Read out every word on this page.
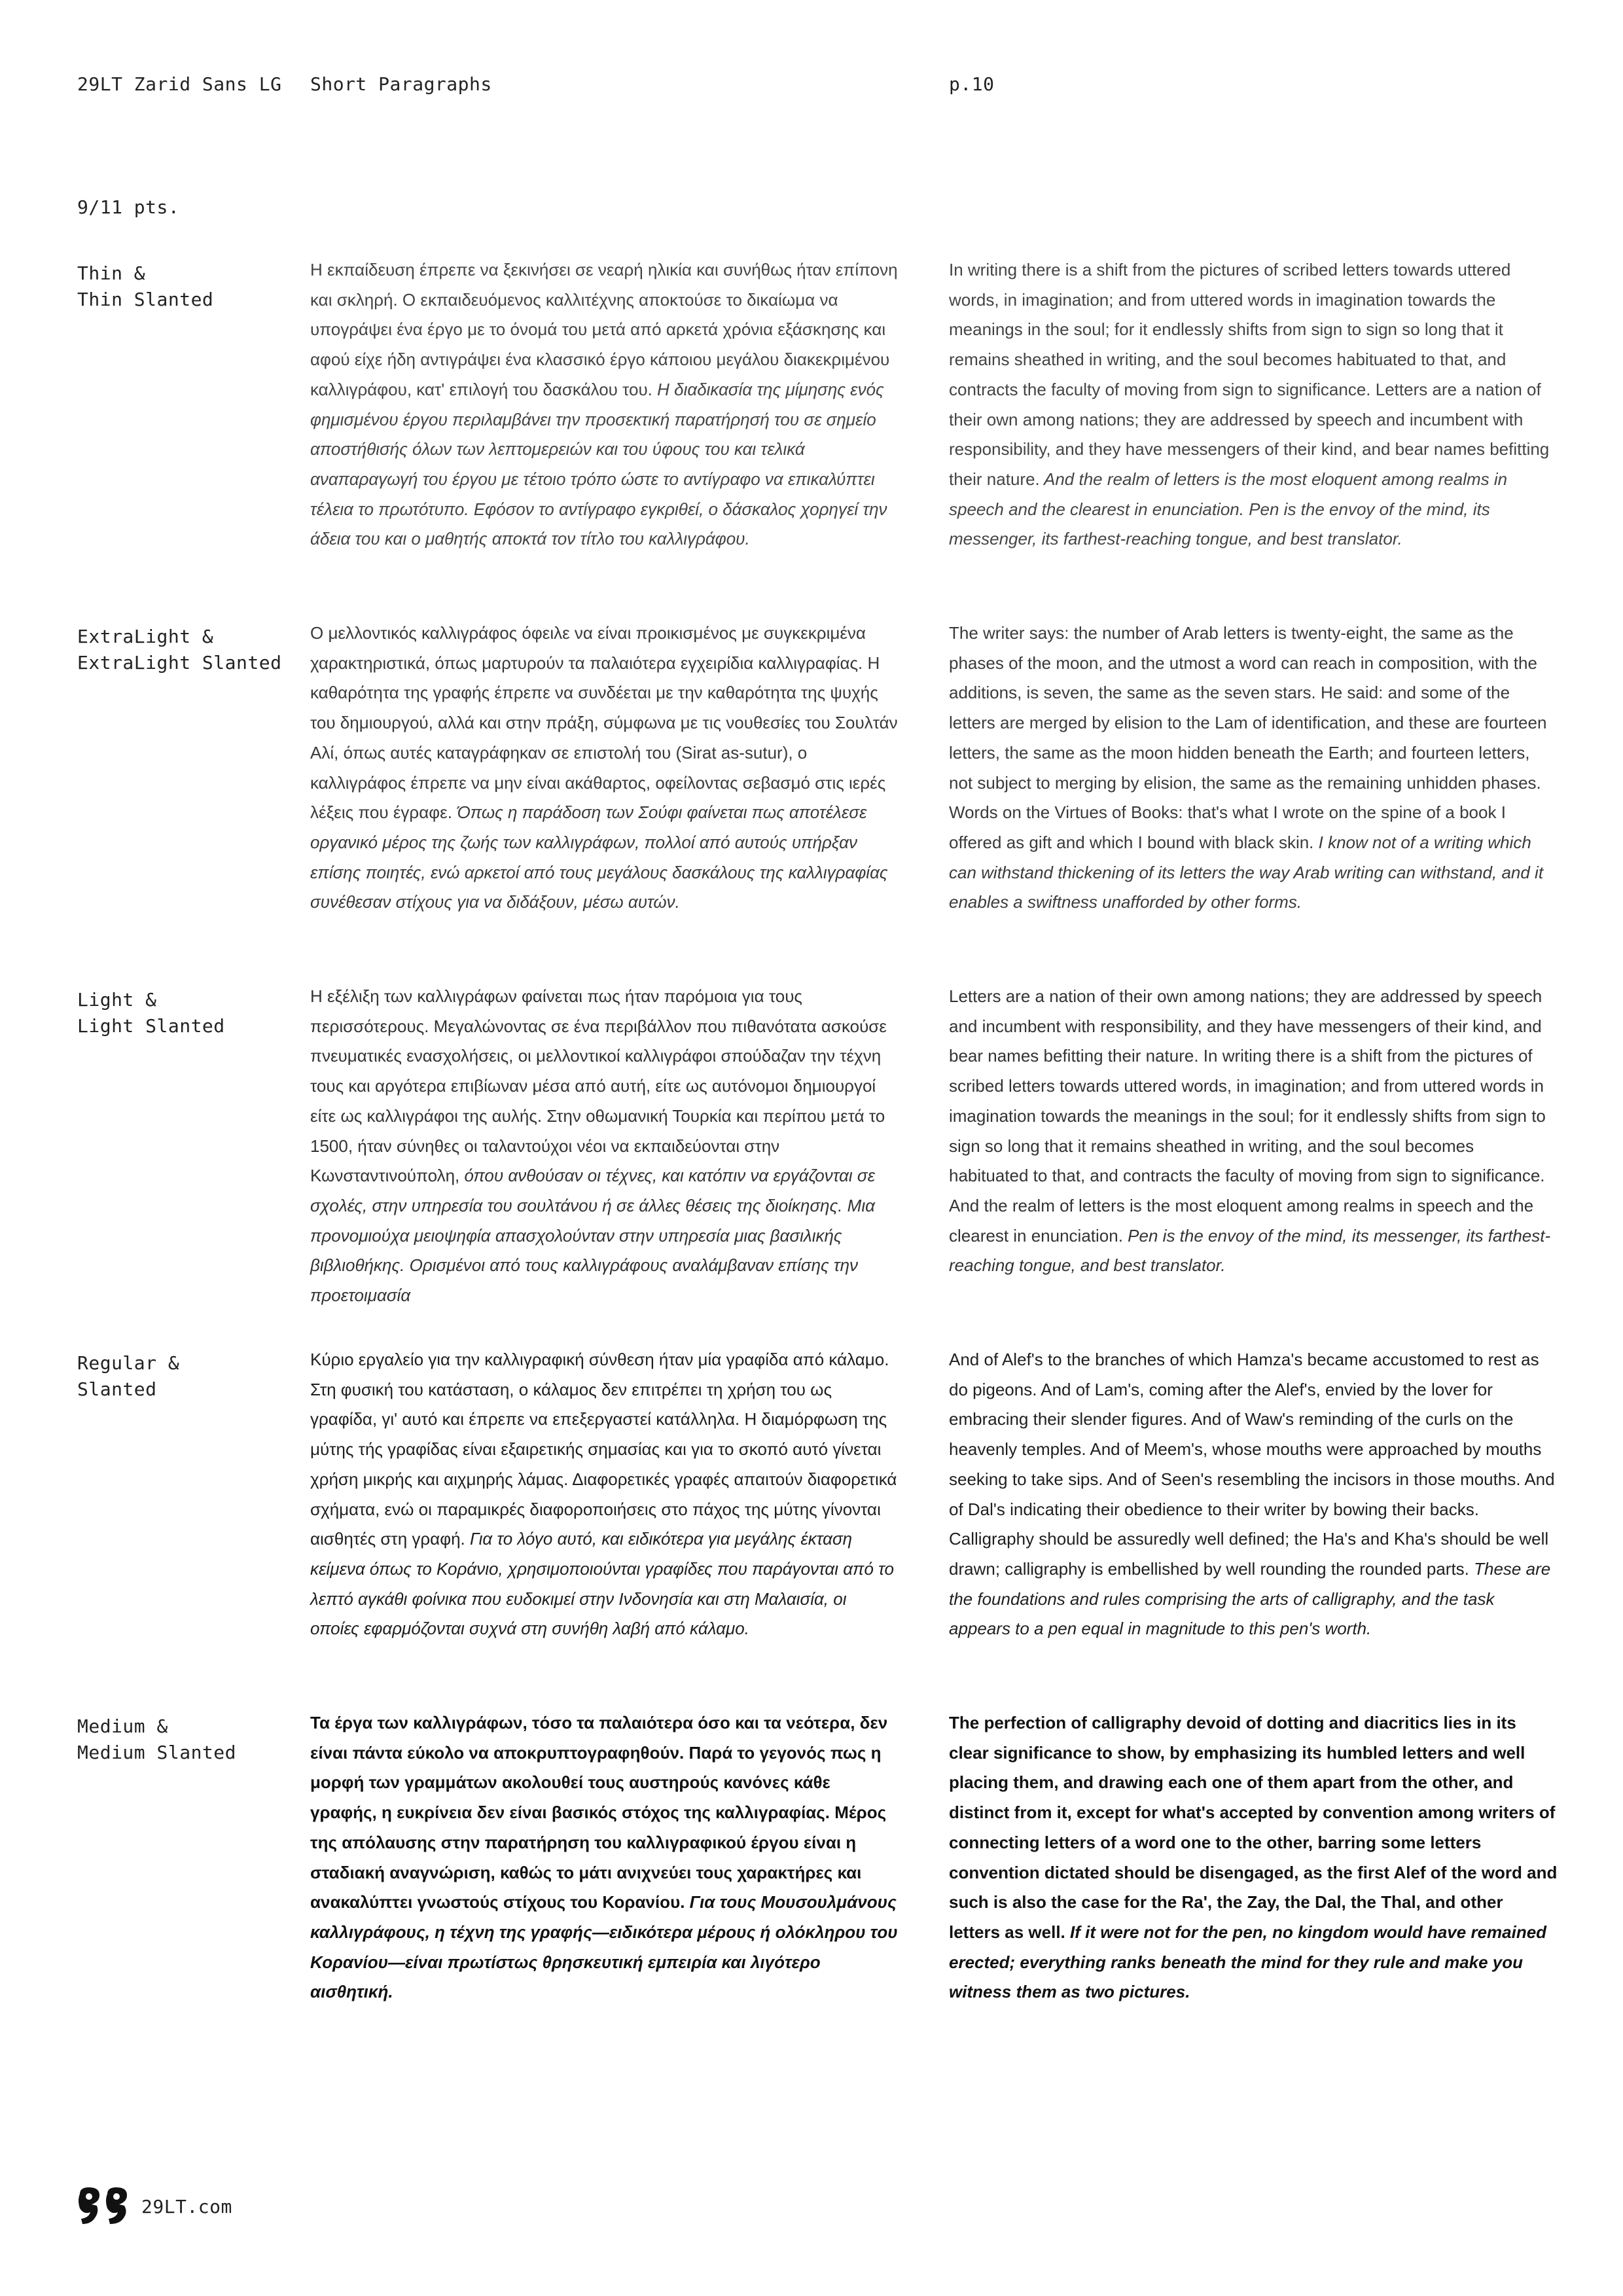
29LT Zarid Sans LG Short Paragraphs	p.10
9/11 pts.
Thin &
Thin Slanted

Η εκπαίδευση έπρεπε να ξεκινήσει σε νεαρή ηλικία και συνήθως ήταν επίπονη και σκληρή. Ο εκπαιδευόμενος καλλιτέχνης αποκτούσε το δικαίωμα να υπογράψει ένα έργο με το όνομά του μετά από αρκετά χρόνια εξάσκησης και αφού είχε ήδη αντιγράψει ένα κλασσικό έργο κάποιου μεγάλου διακεκριμένου καλλιγράφου, κατ' επιλογή του δασκάλου του. Η διαδικασία της μίμησης ενός φημισμένου έργου περιλαμβάνει την προσεκτική παρατήρησή του σε σημείο αποστήθισής όλων των λεπτομερειών και του ύφους του και τελικά αναπαραγωγή του έργου με τέτοιο τρόπο ώστε το αντίγραφο να επικαλύπτει τέλεια το πρωτότυπο. Εφόσον το αντίγραφο εγκριθεί, ο δάσκαλος χορηγεί την άδεια του και ο μαθητής αποκτά τον τίτλο του καλλιγράφου.

In writing there is a shift from the pictures of scribed letters towards uttered words, in imagination; and from uttered words in imagination towards the meanings in the soul; for it endlessly shifts from sign to sign so long that it remains sheathed in writing, and the soul becomes habituated to that, and contracts the faculty of moving from sign to significance. Letters are a nation of their own among nations; they are addressed by speech and incumbent with responsibility, and they have messengers of their kind, and bear names befitting their nature. And the realm of letters is the most eloquent among realms in speech and the clearest in enunciation. Pen is the envoy of the mind, its messenger, its farthest-reaching tongue, and best translator.

ExtraLight &
ExtraLight Slanted

Ο μελλοντικός καλλιγράφος όφειλε να είναι προικισμένος με συγκεκριμένα χαρακτηριστικά, όπως μαρτυρούν τα παλαιότερα εγχειρίδια καλλιγραφίας. Η καθαρότητα της γραφής έπρεπε να συνδέεται με την καθαρότητα της ψυχής του δημιουργού, αλλά και στην πράξη, σύμφωνα με τις νουθεσίες του Σουλτάν Αλί, όπως αυτές καταγράφηκαν σε επιστολή του (Sirat as-sutur), ο καλλιγράφος έπρεπε να μην είναι ακάθαρτος, οφείλοντας σεβασμό στις ιερές λέξεις που έγραφε. Όπως η παράδοση των Σούφι φαίνεται πως αποτέλεσε οργανικό μέρος της ζωής των καλλιγράφων, πολλοί από αυτούς υπήρξαν επίσης ποιητές, ενώ αρκετοί από τους μεγάλους δασκάλους της καλλιγραφίας συνέθεσαν στίχους για να διδάξουν, μέσω αυτών.

The writer says: the number of Arab letters is twenty-eight, the same as the phases of the moon, and the utmost a word can reach in composition, with the additions, is seven, the same as the seven stars. He said: and some of the letters are merged by elision to the Lam of identification, and these are fourteen letters, the same as the moon hidden beneath the Earth; and fourteen letters, not subject to merging by elision, the same as the remaining unhidden phases. Words on the Virtues of Books: that's what I wrote on the spine of a book I offered as gift and which I bound with black skin. I know not of a writing which can withstand thickening of its letters the way Arab writing can withstand, and it enables a swiftness unafforded by other forms.

Light &
Light Slanted

Η εξέλιξη των καλλιγράφων φαίνεται πως ήταν παρόμοια για τους περισσότερους. Μεγαλώνοντας σε ένα περιβάλλον που πιθανότατα ασκούσε πνευματικές ενασχολήσεις, οι μελλοντικοί καλλιγράφοι σπούδαζαν την τέχνη τους και αργότερα επιβίωναν μέσα από αυτή, είτε ως αυτόνομοι δημιουργοί είτε ως καλλιγράφοι της αυλής. Στην οθωμανική Τουρκία και περίπου μετά το 1500, ήταν σύνηθες οι ταλαντούχοι νέοι να εκπαιδεύονται στην Κωνσταντινούπολη, όπου ανθούσαν οι τέχνες, και κατόπιν να εργάζονται σε σχολές, στην υπηρεσία του σουλτάνου ή σε άλλες θέσεις της διοίκησης. Μια προνομιούχα μειοψηφία απασχολούνταν στην υπηρεσία μιας βασιλικής βιβλιοθήκης. Ορισμένοι από τους καλλιγράφους αναλάμβαναν επίσης την προετοιμασία

Letters are a nation of their own among nations; they are addressed by speech and incumbent with responsibility, and they have messengers of their kind, and bear names befitting their nature. In writing there is a shift from the pictures of scribed letters towards uttered words, in imagination; and from uttered words in imagination towards the meanings in the soul; for it endlessly shifts from sign to sign so long that it remains sheathed in writing, and the soul becomes habituated to that, and contracts the faculty of moving from sign to significance. And the realm of letters is the most eloquent among realms in speech and the clearest in enunciation. Pen is the envoy of the mind, its messenger, its farthest-reaching tongue, and best translator.

Regular &
Slanted

Κύριο εργαλείο για την καλλιγραφική σύνθεση ήταν μία γραφίδα από κάλαμο. Στη φυσική του κατάσταση, ο κάλαμος δεν επιτρέπει τη χρήση του ως γραφίδα, γι' αυτό και έπρεπε να επεξεργαστεί κατάλληλα. Η διαμόρφωση της μύτης τής γραφίδας είναι εξαιρετικής σημασίας και για το σκοπό αυτό γίνεται χρήση μικρής και αιχμηρής λάμας. Διαφορετικές γραφές απαιτούν διαφορετικά σχήματα, ενώ οι παραμικρές διαφοροποιήσεις στο πάχος της μύτης γίνονται αισθητές στη γραφή. Για το λόγο αυτό, και ειδικότερα για μεγάλης έκταση κείμενα όπως το Κοράνιο, χρησιμοποιούνται γραφίδες που παράγονται από το λεπτό αγκάθι φοίνικα που ευδοκιμεί στην Ινδονησία και στη Μαλαισία, οι οποίες εφαρμόζονται συχνά στη συνήθη λαβή από κάλαμο.

And of Alef's to the branches of which Hamza's became accustomed to rest as do pigeons. And of Lam's, coming after the Alef's, envied by the lover for embracing their slender figures. And of Waw's reminding of the curls on the heavenly temples. And of Meem's, whose mouths were approached by mouths seeking to take sips. And of Seen's resembling the incisors in those mouths. And of Dal's indicating their obedience to their writer by bowing their backs. Calligraphy should be assuredly well defined; the Ha's and Kha's should be well drawn; calligraphy is embellished by well rounding the rounded parts. These are the foundations and rules comprising the arts of calligraphy, and the task appears to a pen equal in magnitude to this pen's worth.

Medium &
Medium Slanted

Τα έργα των καλλιγράφων, τόσο τα παλαιότερα όσο και τα νεότερα, δεν είναι πάντα εύκολο να αποκρυπτογραφηθούν. Παρά το γεγονός πως η μορφή των γραμμάτων ακολουθεί τους αυστηρούς κανόνες κάθε γραφής, η ευκρίνεια δεν είναι βασικός στόχος της καλλιγραφίας. Μέρος της απόλαυσης στην παρατήρηση του καλλιγραφικού έργου είναι η σταδιακή αναγνώριση, καθώς το μάτι ανιχνεύει τους χαρακτήρες και ανακαλύπτει γνωστούς στίχους του Κορανίου. Για τους Μουσουλμάνους καλλιγράφους, η τέχνη της γραφής—ειδικότερα μέρους ή ολόκληρου του Κορανίου—είναι πρωτίστως θρησκευτική εμπειρία και λιγότερο αισθητική.

The perfection of calligraphy devoid of dotting and diacritics lies in its clear significance to show, by emphasizing its humbled letters and well placing them, and drawing each one of them apart from the other, and distinct from it, except for what's accepted by convention among writers of connecting letters of a word one to the other, barring some letters convention dictated should be disengaged, as the first Alef of the word and such is also the case for the Ra', the Zay, the Dal, the Thal, and other letters as well. If it were not for the pen, no kingdom would have remained erected; everything ranks beneath the mind for they rule and make you witness them as two pictures.

29LT.com
